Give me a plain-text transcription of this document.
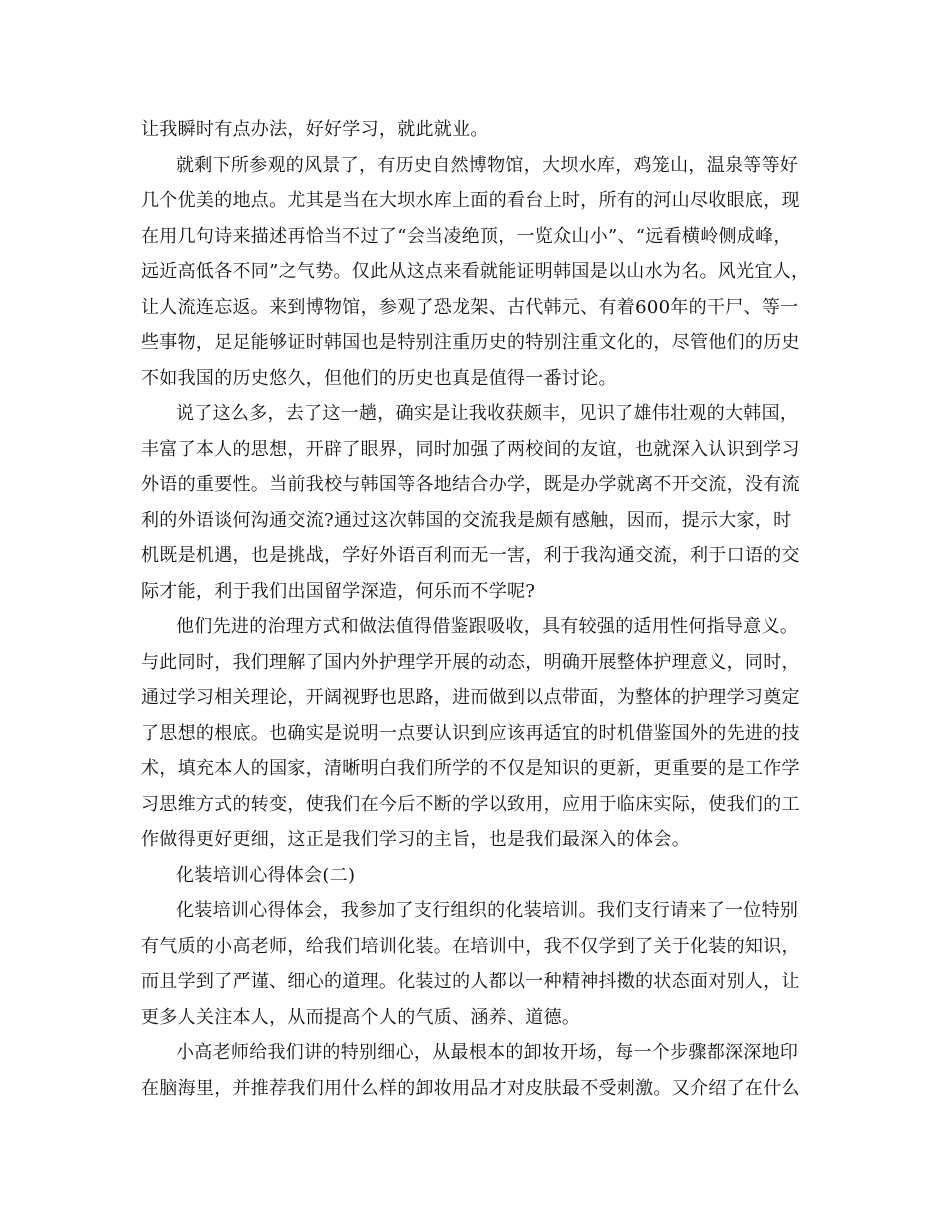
让我瞬时有点办法，好好学习，就此就业。
就剩下所参观的风景了，有历史自然博物馆，大坝水库，鸡笼山，温泉等等好
几个优美的地点。尤其是当在大坝水库上面的看台上时，所有的河山尽收眼底，现
在用几句诗来描述再恰当不过了“会当凌绝顶，一览众山小”、“远看横岭侧成峰，
远近高低各不同”之气势。仅此从这点来看就能证明韩国是以山水为名。风光宜人，
让人流连忘返。来到博物馆，参观了恐龙架、古代韩元、有着600年的干尸、等一
些事物，足足能够证时韩国也是特别注重历史的特别注重文化的，尽管他们的历史
不如我国的历史悠久，但他们的历史也真是值得一番讨论。
说了这么多，去了这一趟，确实是让我收获颇丰，见识了雄伟壮观的大韩国，
丰富了本人的思想，开辟了眼界，同时加强了两校间的友谊，也就深入认识到学习
外语的重要性。当前我校与韩国等各地结合办学，既是办学就离不开交流，没有流
利的外语谈何沟通交流?通过这次韩国的交流我是颇有感触，因而，提示大家，时
机既是机遇，也是挑战，学好外语百利而无一害，利于我沟通交流，利于口语的交
际才能，利于我们出国留学深造，何乐而不学呢?
他们先进的治理方式和做法值得借鉴跟吸收，具有较强的适用性何指导意义。
与此同时，我们理解了国内外护理学开展的动态，明确开展整体护理意义，同时，
通过学习相关理论，开阔视野也思路，进而做到以点带面，为整体的护理学习奠定
了思想的根底。也确实是说明一点要认识到应该再适宜的时机借鉴国外的先进的技
术，填充本人的国家，清晰明白我们所学的不仅是知识的更新，更重要的是工作学
习思维方式的转变，使我们在今后不断的学以致用，应用于临床实际，使我们的工
作做得更好更细，这正是我们学习的主旨，也是我们最深入的体会。
化装培训心得体会(二)
化装培训心得体会，我参加了支行组织的化装培训。我们支行请来了一位特别
有气质的小高老师，给我们培训化装。在培训中，我不仅学到了关于化装的知识，
而且学到了严谨、细心的道理。化装过的人都以一种精神抖擞的状态面对别人，让
更多人关注本人，从而提高个人的气质、涵养、道德。
小高老师给我们讲的特别细心，从最根本的卸妆开场，每一个步骤都深深地印
在脑海里，并推荐我们用什么样的卸妆用品才对皮肤最不受刺激。又介绍了在什么
